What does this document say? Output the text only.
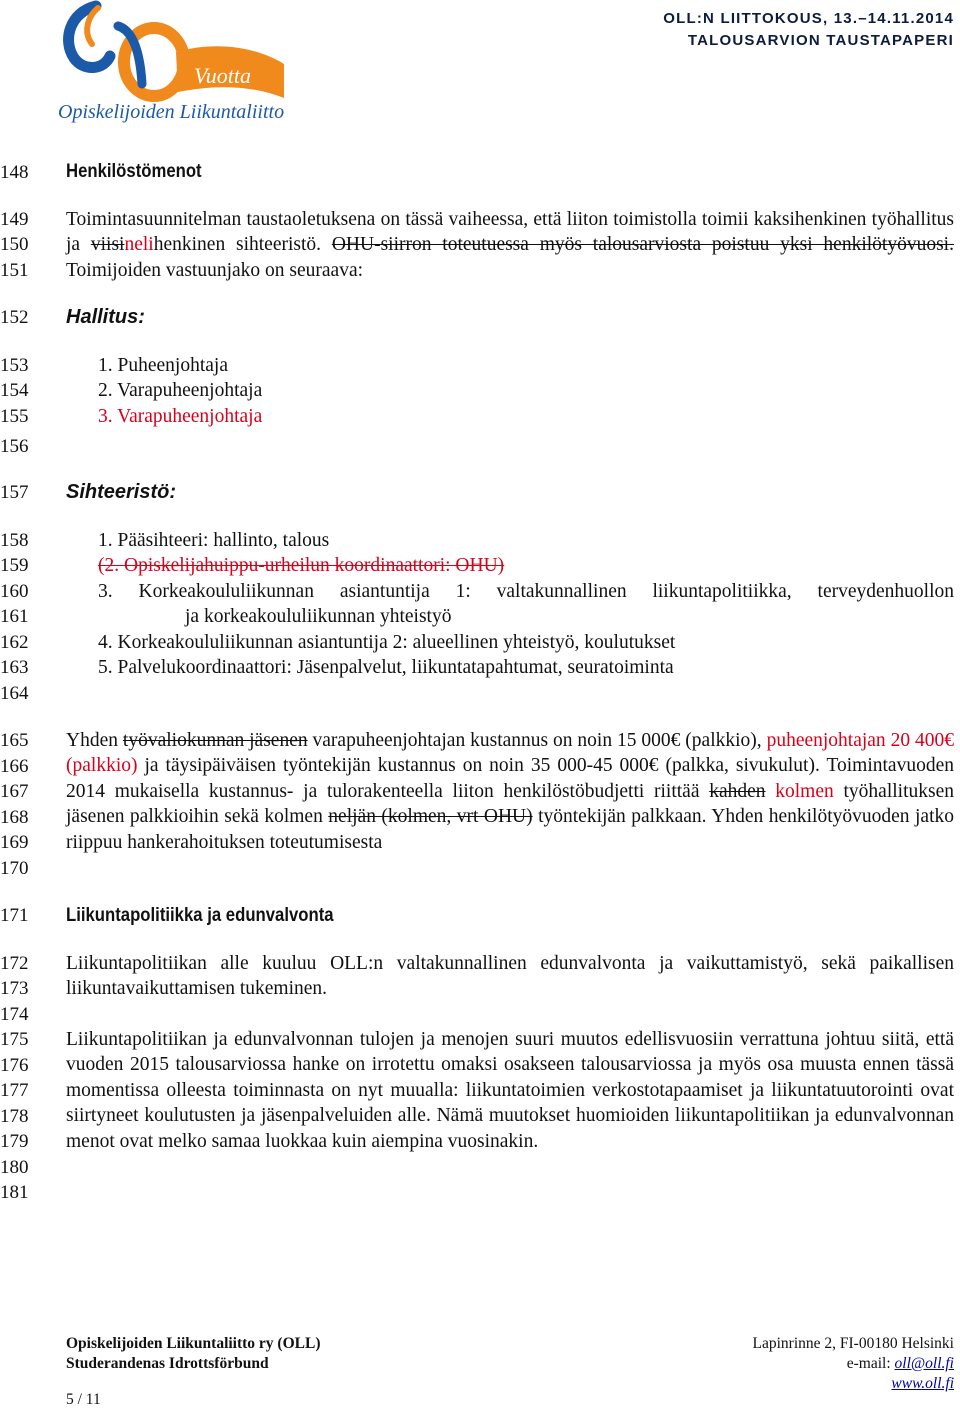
Vuotta
Opiskelijoiden Liikuntaliitto
OLL:N LIITTOKOUS, 13.–14.11.2014
TALOUSARVION TAUSTAPAPERI
148
149
150
151
152
153
154
155
156
157
158
159
160
161
162
163
164
165
166
167
168
169
170
171
172
173
174
175
176
177
178
179
180
181
Henkilöstömenot
Toimintasuunnitelman taustaoletuksena on tässä vaiheessa, että liiton toimistolla toimii kaksihenkinen työhallitus ja viisinelihenkinen sihteeristö. OHU-siirron toteutuessa myös talousarviosta poistuu yksi henkilötyövuosi. Toimijoiden vastuunjako on seuraava:
Hallitus:
1. Puheenjohtaja
2. Varapuheenjohtaja
3. Varapuheenjohtaja
Sihteeristö:
1. Pääsihteeri: hallinto, talous
(2. Opiskelijahuippu-urheilun koordinaattori: OHU)
3. Korkeakoululiikunnan asiantuntija 1: valtakunnallinen liikuntapolitiikka, terveydenhuollon
ja korkeakoululiikunnan yhteistyö
4. Korkeakoululiikunnan asiantuntija 2: alueellinen yhteistyö, koulutukset
5. Palvelukoordinaattori: Jäsenpalvelut, liikuntatapahtumat, seuratoiminta
Yhden työvaliokunnan jäsenen varapuheenjohtajan kustannus on noin 15 000€ (palkkio), puheenjohtajan 20 400€ (palkkio) ja täysipäiväisen työntekijän kustannus on noin 35 000-45 000€ (palkka, sivukulut). Toimintavuoden 2014 mukaisella kustannus- ja tulorakenteella liiton henkilöstöbudjetti riittää kahden kolmen työhallituksen jäsenen palkkioihin sekä kolmen neljän (kolmen, vrt OHU) työntekijän palkkaan. Yhden henkilötyövuoden jatko riippuu hankerahoituksen toteutumisesta
Liikuntapolitiikka ja edunvalvonta
Liikuntapolitiikan alle kuuluu OLL:n valtakunnallinen edunvalvonta ja vaikuttamistyö, sekä paikallisen liikuntavaikuttamisen tukeminen.
Liikuntapolitiikan ja edunvalvonnan tulojen ja menojen suuri muutos edellisvuosiin verrattuna johtuu siitä, että vuoden 2015 talousarviossa hanke on irrotettu omaksi osakseen talousarviossa ja myös osa muusta ennen tässä momentissa olleesta toiminnasta on nyt muualla: liikuntatoimien verkostotapaamiset ja liikuntatuutorointi ovat siirtyneet koulutusten ja jäsenpalveluiden alle. Nämä muutokset huomioiden liikuntapolitiikan ja edunvalvonnan menot ovat melko samaa luokkaa kuin aiempina vuosinakin.
Opiskelijoiden Liikuntaliitto ry (OLL)
Studerandenas Idrottsförbund
5 / 11
Lapinrinne 2, FI-00180 Helsinki
e-mail: oll@oll.fi
www.oll.fi
